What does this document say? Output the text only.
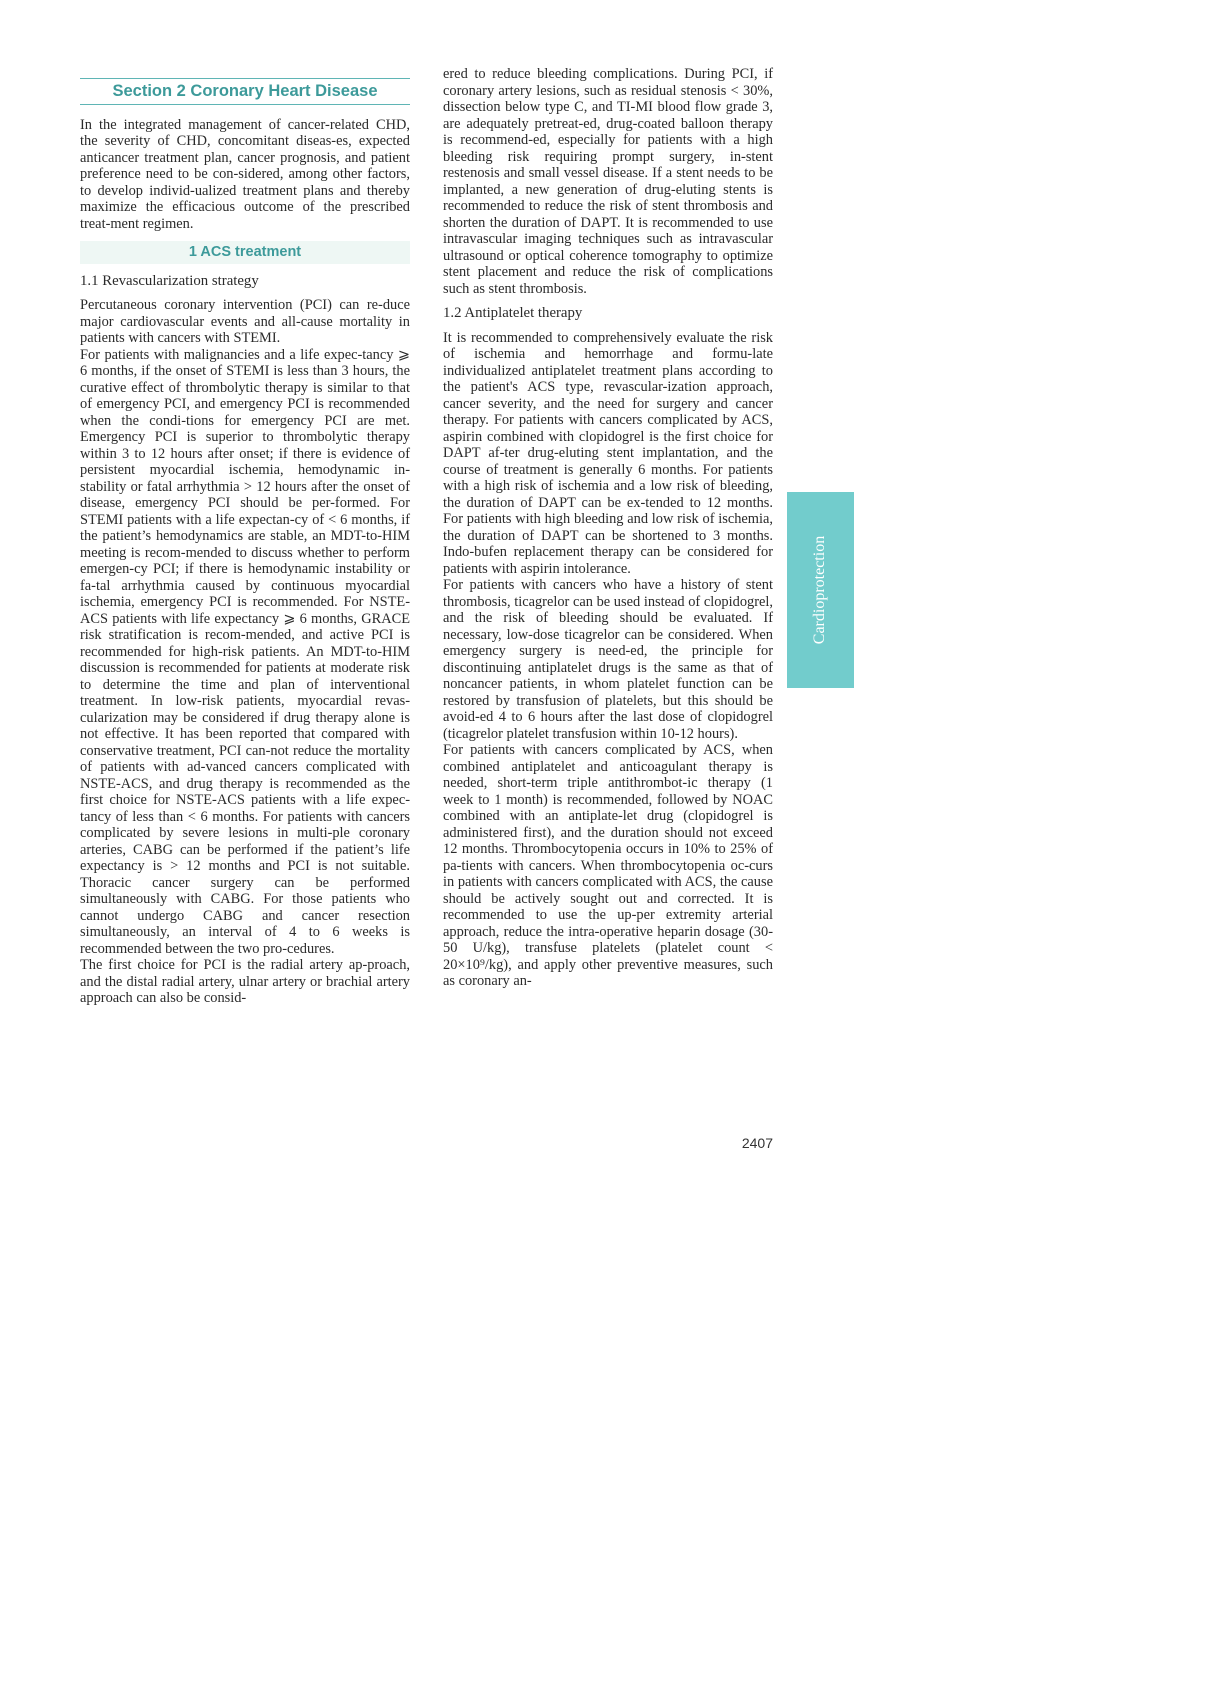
Section 2 Coronary Heart Disease

In the integrated management of cancer-related CHD, the severity of CHD, concomitant diseas-es, expected anticancer treatment plan, cancer prognosis, and patient preference need to be con-sidered, among other factors, to develop individ-ualized treatment plans and thereby maximize the efficacious outcome of the prescribed treat-ment regimen.

1 ACS treatment

1.1 Revascularization strategy

Percutaneous coronary intervention (PCI) can re-duce major cardiovascular events and all-cause mortality in patients with cancers with STEMI.

For patients with malignancies and a life expec-tancy ⩾ 6 months, if the onset of STEMI is less than 3 hours, the curative effect of thrombolytic therapy is similar to that of emergency PCI, and emergency PCI is recommended when the condi-tions for emergency PCI are met. Emergency PCI is superior to thrombolytic therapy within 3 to 12 hours after onset; if there is evidence of persistent myocardial ischemia, hemodynamic in-stability or fatal arrhythmia > 12 hours after the onset of disease, emergency PCI should be per-formed. For STEMI patients with a life expectan-cy of < 6 months, if the patient’s hemodynamics are stable, an MDT-to-HIM meeting is recom-mended to discuss whether to perform emergen-cy PCI; if there is hemodynamic instability or fa-tal arrhythmia caused by continuous myocardial ischemia, emergency PCI is recommended. For NSTE-ACS patients with life expectancy ⩾ 6 months, GRACE risk stratification is recom-mended, and active PCI is recommended for high-risk patients. An MDT-to-HIM discussion is recommended for patients at moderate risk to determine the time and plan of interventional treatment. In low-risk patients, myocardial revas-cularization may be considered if drug therapy alone is not effective. It has been reported that compared with conservative treatment, PCI can-not reduce the mortality of patients with ad-vanced cancers complicated with NSTE-ACS, and drug therapy is recommended as the first choice for NSTE-ACS patients with a life expec-tancy of less than < 6 months. For patients with cancers complicated by severe lesions in multi-ple coronary arteries, CABG can be performed if the patient’s life expectancy is > 12 months and PCI is not suitable. Thoracic cancer surgery can be performed simultaneously with CABG. For those patients who cannot undergo CABG and cancer resection simultaneously, an interval of 4 to 6 weeks is recommended between the two pro-cedures.

The first choice for PCI is the radial artery ap-proach, and the distal radial artery, ulnar artery or brachial artery approach can also be consid-

ered to reduce bleeding complications. During PCI, if coronary artery lesions, such as residual stenosis < 30%, dissection below type C, and TI-MI blood flow grade 3, are adequately pretreat-ed, drug-coated balloon therapy is recommend-ed, especially for patients with a high bleeding risk requiring prompt surgery, in-stent restenosis and small vessel disease. If a stent needs to be implanted, a new generation of drug-eluting stents is recommended to reduce the risk of stent thrombosis and shorten the duration of DAPT. It is recommended to use intravascular imaging techniques such as intravascular ultrasound or optical coherence tomography to optimize stent placement and reduce the risk of complications such as stent thrombosis.

1.2 Antiplatelet therapy

It is recommended to comprehensively evaluate the risk of ischemia and hemorrhage and formu-late individualized antiplatelet treatment plans according to the patient's ACS type, revascular-ization approach, cancer severity, and the need for surgery and cancer therapy. For patients with cancers complicated by ACS, aspirin combined with clopidogrel is the first choice for DAPT af-ter drug-eluting stent implantation, and the course of treatment is generally 6 months. For patients with a high risk of ischemia and a low risk of bleeding, the duration of DAPT can be ex-tended to 12 months. For patients with high bleeding and low risk of ischemia, the duration of DAPT can be shortened to 3 months. Indo-bufen replacement therapy can be considered for patients with aspirin intolerance.

For patients with cancers who have a history of stent thrombosis, ticagrelor can be used instead of clopidogrel, and the risk of bleeding should be evaluated. If necessary, low-dose ticagrelor can be considered. When emergency surgery is need-ed, the principle for discontinuing antiplatelet drugs is the same as that of noncancer patients, in whom platelet function can be restored by transfusion of platelets, but this should be avoid-ed 4 to 6 hours after the last dose of clopidogrel (ticagrelor platelet transfusion within 10-12 hours).

For patients with cancers complicated by ACS, when combined antiplatelet and anticoagulant therapy is needed, short-term triple antithrombot-ic therapy (1 week to 1 month) is recommended, followed by NOAC combined with an antiplate-let drug (clopidogrel is administered first), and the duration should not exceed 12 months. Thrombocytopenia occurs in 10% to 25% of pa-tients with cancers. When thrombocytopenia oc-curs in patients with cancers complicated with ACS, the cause should be actively sought out and corrected. It is recommended to use the up-per extremity arterial approach, reduce the intra-operative heparin dosage (30-50 U/kg), transfuse platelets (platelet count < 20×10⁹/kg), and apply other preventive measures, such as coronary an-

Cardioprotection
2407
